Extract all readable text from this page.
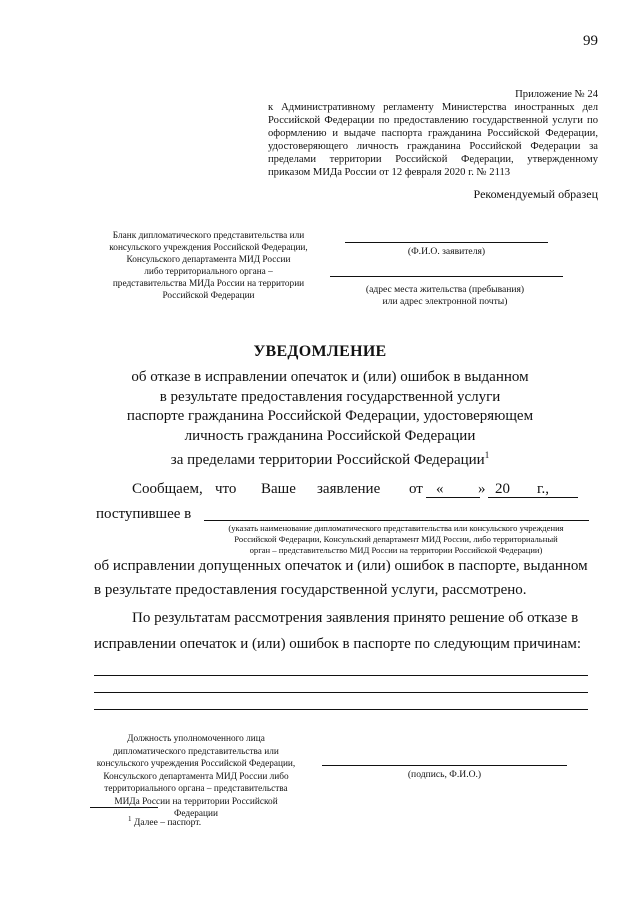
99
Приложение № 24
к Административному регламенту Министерства иностранных дел Российской Федерации по предоставлению государственной услуги по оформлению и выдаче паспорта гражданина Российской Федерации, удостоверяющего личность гражданина Российской Федерации за пределами территории Российской Федерации, утвержденному приказом МИДа России от 12 февраля 2020 г. № 2113
Рекомендуемый образец
Бланк дипломатического представительства или
консульского учреждения Российской Федерации,
Консульского департамента МИД России
либо территориального органа –
представительства МИДа России на территории
Российской Федерации
(Ф.И.О. заявителя)
(адрес места жительства (пребывания)
или адрес электронной почты)
УВЕДОМЛЕНИЕ
об отказе в исправлении опечаток и (или) ошибок в выданном
в результате предоставления государственной услуги
паспорте гражданина Российской Федерации, удостоверяющем
личность гражданина Российской Федерации
за пределами территории Российской Федерации$^1$
Сообщаем, что Ваше заявление от « » 20 г.,
поступившее в
(указать наименование дипломатического представительства или консульского учреждения
Российской Федерации, Консульский департамент МИД России, либо территориальный
орган – представительство МИД России на территории Российской Федерации)
об исправлении допущенных опечаток и (или) ошибок в паспорте, выданном
в результате предоставления государственной услуги, рассмотрено.
По результатам рассмотрения заявления принято решение об отказе в
исправлении опечаток и (или) ошибок в паспорте по следующим причинам:
Должность уполномоченного лица
дипломатического представительства или
консульского учреждения Российской Федерации,
Консульского департамента МИД России либо
территориального органа – представительства
МИДа России на территории Российской
Федерации
(подпись, Ф.И.О.)
$^1$ Далее – паспорт.
